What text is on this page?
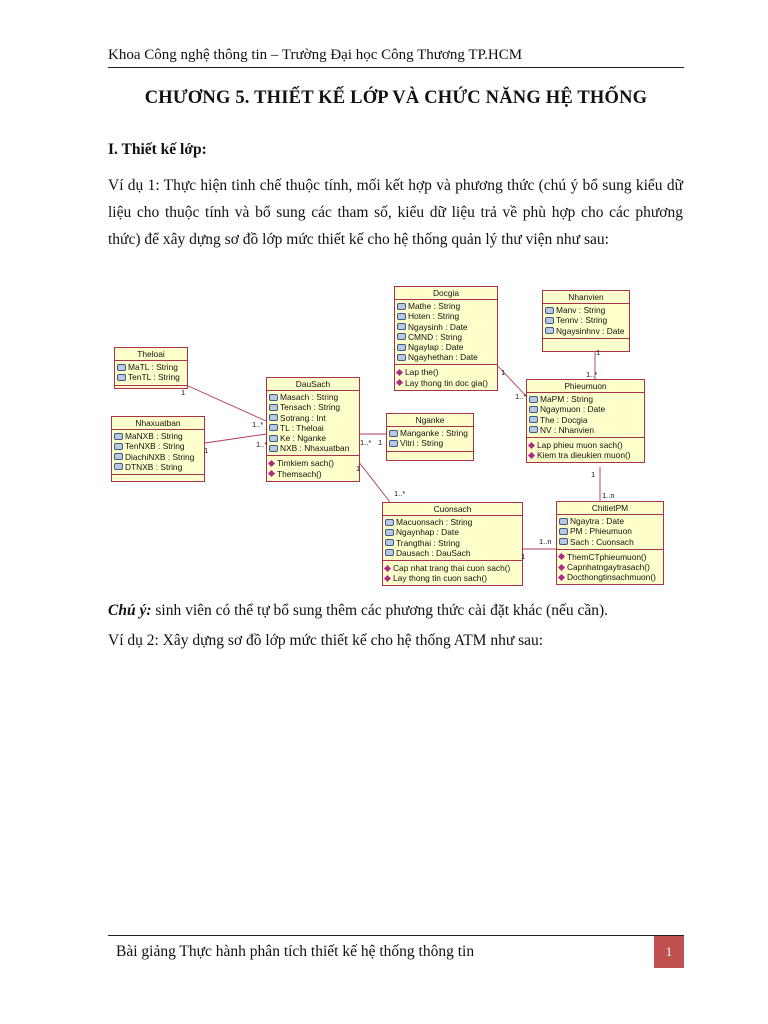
Khoa Công nghệ thông tin – Trường Đại học Công Thương TP.HCM
CHƯƠNG 5. THIẾT KẾ LỚP VÀ CHỨC NĂNG HỆ THỐNG
I. Thiết kế lớp:
Ví dụ 1: Thực hiện tinh chế thuộc tính, mối kết hợp và phương thức (chú ý bổ sung kiểu dữ liệu cho thuộc tính và bổ sung các tham số, kiểu dữ liệu trả về phù hợp cho các phương thức) để xây dựng sơ đồ lớp mức thiết kế cho hệ thống quản lý thư viện như sau:
Theloai
MaTL : String
TenTL : String
Nhaxuatban
MaNXB : String
TenNXB : String
DiachiNXB : String
DTNXB : String
DauSach
Masach : String
Tensach : String
Sotrang : Int
TL : Theloai
Ke : Nganke
NXB : Nhaxuatban
Timkiem sach()
Themsach()
Docgia
Mathe : String
Hoten : String
Ngaysinh : Date
CMND : String
Ngaylap : Date
Ngayhethan : Date
Lap the()
Lay thong tin doc gia()
Nganke
Manganke : String
Vitri : String
Nhanvien
Manv : String
Tennv : String
Ngaysinhnv : Date
Phieumuon
MaPM : String
Ngaymuon : Date
The : Docgia
NV : Nhanvien
Lap phieu muon sach()
Kiem tra dieukien muon()
Cuonsach
Macuonsach : String
Ngaynhap : Date
Trangthai : String
Dausach : DauSach
Cap nhat trang thai cuon sach()
Lay thong tin cuon sach()
ChitietPM
Ngaytra : Date
PM : Phieumuon
Sach : Cuonsach
ThemCTphieumuon()
Capnhatngaytrasach()
Docthongtinsachmuon()
1
1..*
1
1..*	1..* 1
1..*
1
1
1..*
1
1..*
1
1..n
1
1..n
Chú ý: sinh viên có thể tự bổ sung thêm các phương thức cài đặt khác (nếu cần).
Ví dụ 2: Xây dựng sơ đồ lớp mức thiết kế cho hệ thống ATM như sau:
Bài giảng Thực hành phân tích thiết kế hệ thống thông tin	1
